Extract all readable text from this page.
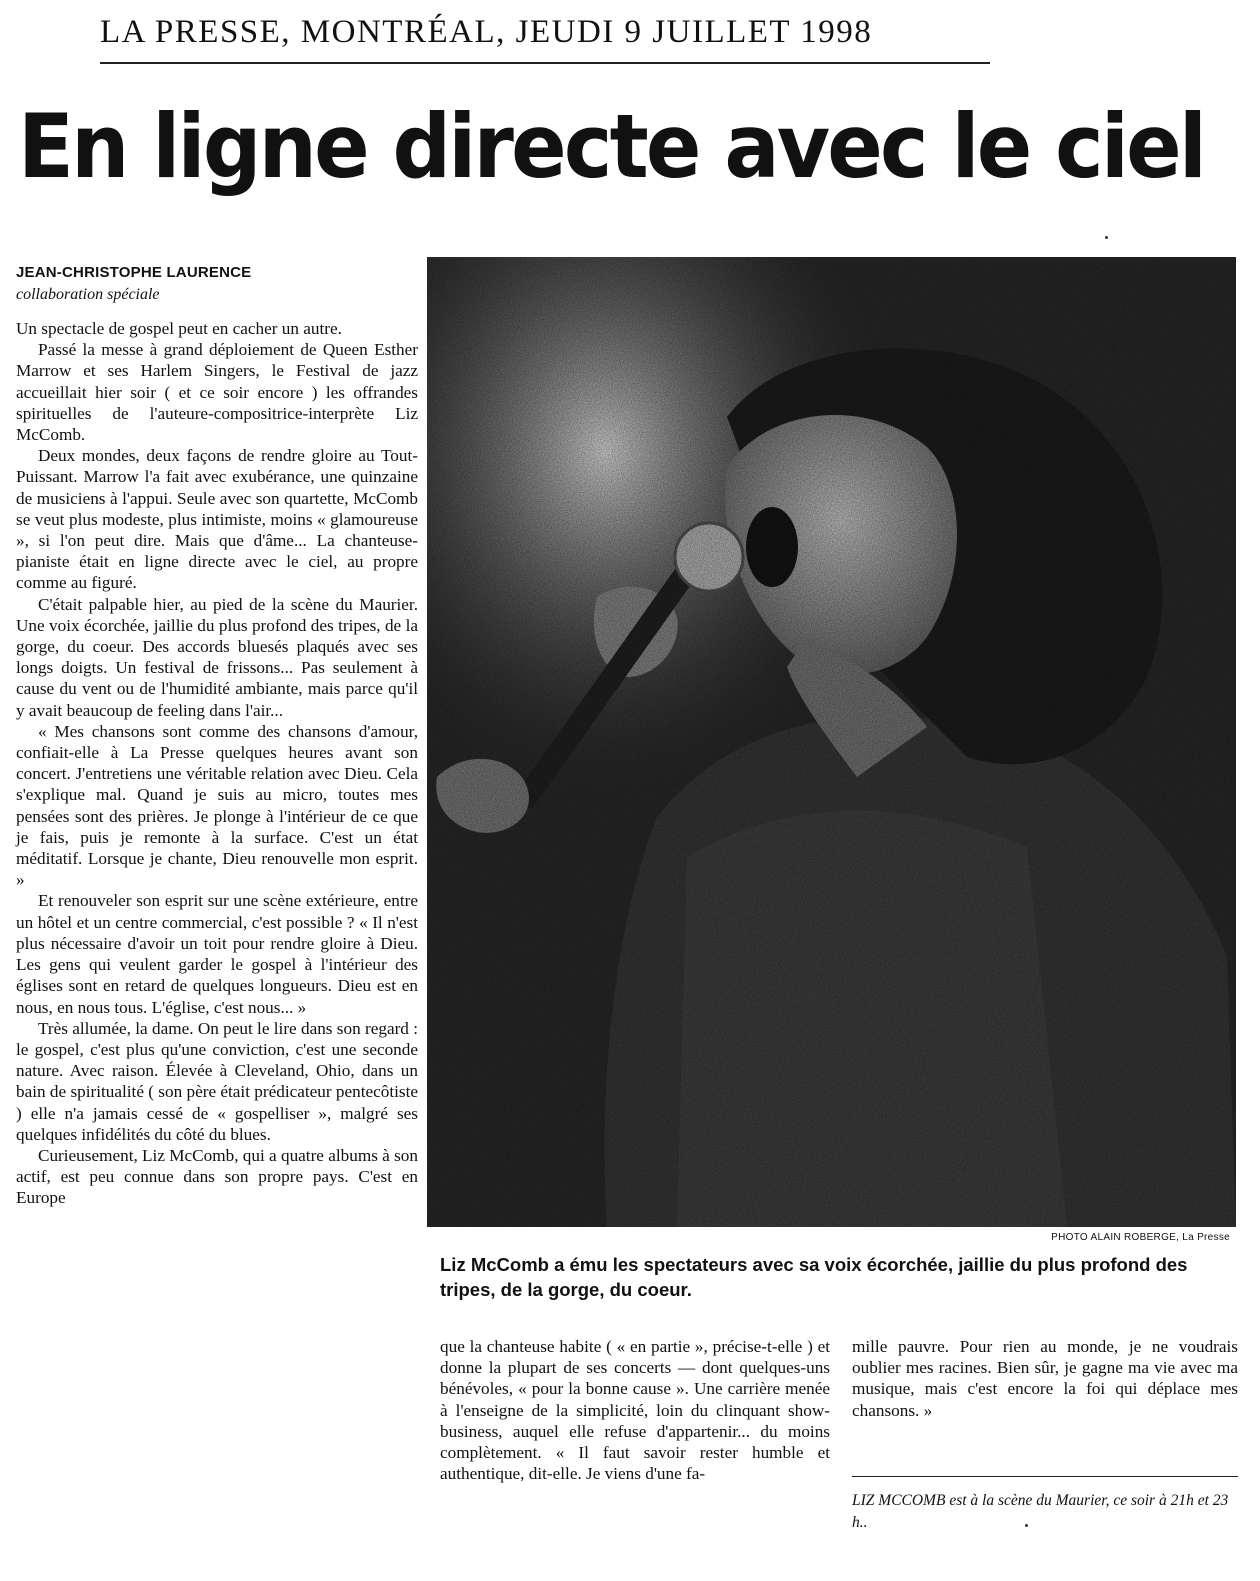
LA PRESSE, MONTRÉAL, JEUDI 9 JUILLET 1998
En ligne directe avec le ciel
JEAN-CHRISTOPHE LAURENCE
collaboration spéciale

Un spectacle de gospel peut en cacher un autre.

Passé la messe à grand déploiement de Queen Esther Marrow et ses Harlem Singers, le Festival de jazz accueillait hier soir ( et ce soir encore ) les offrandes spirituelles de l'auteure-compositrice-interprète Liz McComb.

Deux mondes, deux façons de rendre gloire au Tout-Puissant. Marrow l'a fait avec exubérance, une quinzaine de musiciens à l'appui. Seule avec son quartette, McComb se veut plus modeste, plus intimiste, moins « glamoureuse », si l'on peut dire. Mais que d'âme... La chanteuse-pianiste était en ligne directe avec le ciel, au propre comme au figuré.

C'était palpable hier, au pied de la scène du Maurier. Une voix écorchée, jaillie du plus profond des tripes, de la gorge, du coeur. Des accords bluesés plaqués avec ses longs doigts. Un festival de frissons... Pas seulement à cause du vent ou de l'humidité ambiante, mais parce qu'il y avait beaucoup de feeling dans l'air...

« Mes chansons sont comme des chansons d'amour, confiait-elle à La Presse quelques heures avant son concert. J'entretiens une véritable relation avec Dieu. Cela s'explique mal. Quand je suis au micro, toutes mes pensées sont des prières. Je plonge à l'intérieur de ce que je fais, puis je remonte à la surface. C'est un état méditatif. Lorsque je chante, Dieu renouvelle mon esprit. »

Et renouveler son esprit sur une scène extérieure, entre un hôtel et un centre commercial, c'est possible ? « Il n'est plus nécessaire d'avoir un toit pour rendre gloire à Dieu. Les gens qui veulent garder le gospel à l'intérieur des églises sont en retard de quelques longueurs. Dieu est en nous, en nous tous. L'église, c'est nous... »

Très allumée, la dame. On peut le lire dans son regard : le gospel, c'est plus qu'une conviction, c'est une seconde nature. Avec raison. Élevée à Cleveland, Ohio, dans un bain de spiritualité ( son père était prédicateur pentecôtiste ) elle n'a jamais cessé de « gospelliser », malgré ses quelques infidélités du côté du blues.

Curieusement, Liz McComb, qui a quatre albums à son actif, est peu connue dans son propre pays. C'est en Europe

PHOTO ALAIN ROBERGE, La Presse
Liz McComb a ému les spectateurs avec sa voix écorchée, jaillie du plus profond des tripes, de la gorge, du coeur.

que la chanteuse habite ( « en partie », précise-t-elle ) et donne la plupart de ses concerts — dont quelques-uns bénévoles, « pour la bonne cause ». Une carrière menée à l'enseigne de la simplicité, loin du clinquant show-business, auquel elle refuse d'appartenir... du moins complètement. « Il faut savoir rester humble et authentique, dit-elle. Je viens d'une fa-

mille pauvre. Pour rien au monde, je ne voudrais oublier mes racines. Bien sûr, je gagne ma vie avec ma musique, mais c'est encore la foi qui déplace mes chansons. »

LIZ MCCOMB est à la scène du Maurier, ce soir à 21h et 23 h..
